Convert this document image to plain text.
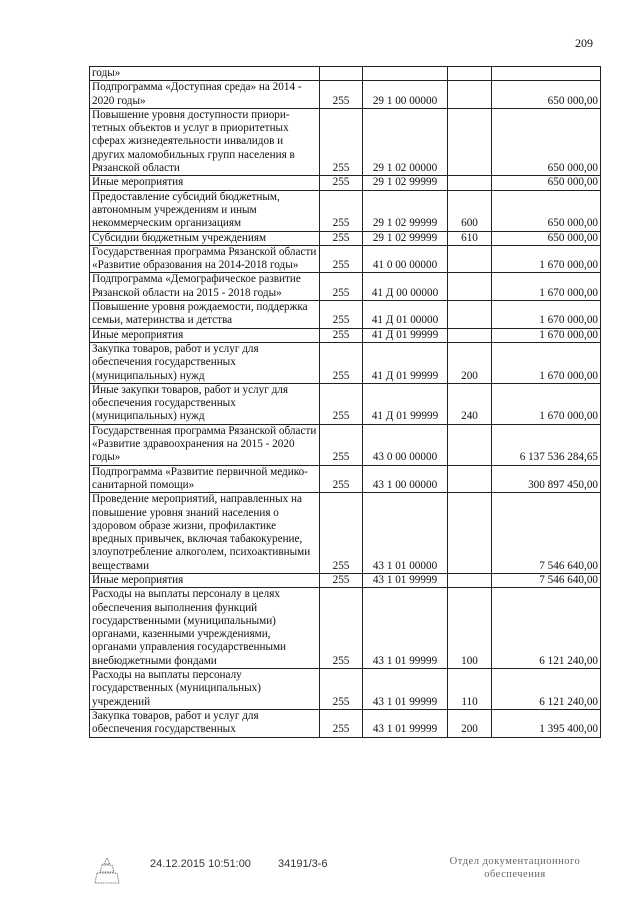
209
годы»				
Подпрограмма «Доступная среда» на 2014 - 2020 годы»	255	29 1 00 00000		650 000,00
Повышение уровня доступности приори-тетных объектов и услуг в приоритетных сферах жизнедеятельности инвалидов и других маломобильных групп населения в Рязанской области	255	29 1 02 00000		650 000,00
Иные мероприятия	255	29 1 02 99999		650 000,00
Предоставление субсидий бюджетным, автономным учреждениям и иным некоммерческим организациям	255	29 1 02 99999	600	650 000,00
Субсидии бюджетным учреждениям	255	29 1 02 99999	610	650 000,00
Государственная программа Рязанской области «Развитие образования на 2014-2018 годы»	255	41 0 00 00000		1 670 000,00
Подпрограмма «Демографическое развитие Рязанской области на 2015 - 2018 годы»	255	41 Д 00 00000		1 670 000,00
Повышение уровня рождаемости, поддержка семьи, материнства и детства	255	41 Д 01 00000		1 670 000,00
Иные мероприятия	255	41 Д 01 99999		1 670 000,00
Закупка товаров, работ и услуг для обеспечения государственных (муниципальных) нужд	255	41 Д 01 99999	200	1 670 000,00
Иные закупки товаров, работ и услуг для обеспечения государственных (муниципальных) нужд	255	41 Д 01 99999	240	1 670 000,00
Государственная программа Рязанской области «Развитие здравоохранения на 2015 - 2020 годы»	255	43 0 00 00000		6 137 536 284,65
Подпрограмма «Развитие первичной медико-санитарной помощи»	255	43 1 00 00000		300 897 450,00
Проведение мероприятий, направленных на повышение уровня знаний населения о здоровом образе жизни, профилактике вредных привычек, включая табакокурение, злоупотребление алкоголем, психоактивными веществами	255	43 1 01 00000		7 546 640,00
Иные мероприятия	255	43 1 01 99999		7 546 640,00
Расходы на выплаты персоналу в целях обеспечения выполнения функций государственными (муниципальными) органами, казенными учреждениями, органами управления государственными внебюджетными фондами	255	43 1 01 99999	100	6 121 240,00
Расходы на выплаты персоналу государственных (муниципальных) учреждений	255	43 1 01 99999	110	6 121 240,00
Закупка товаров, работ и услуг для обеспечения государственных	255	43 1 01 99999	200	1 395 400,00
24.12.2015 10:51:00 34191/3-6	Отдел документационного
обеспечения
